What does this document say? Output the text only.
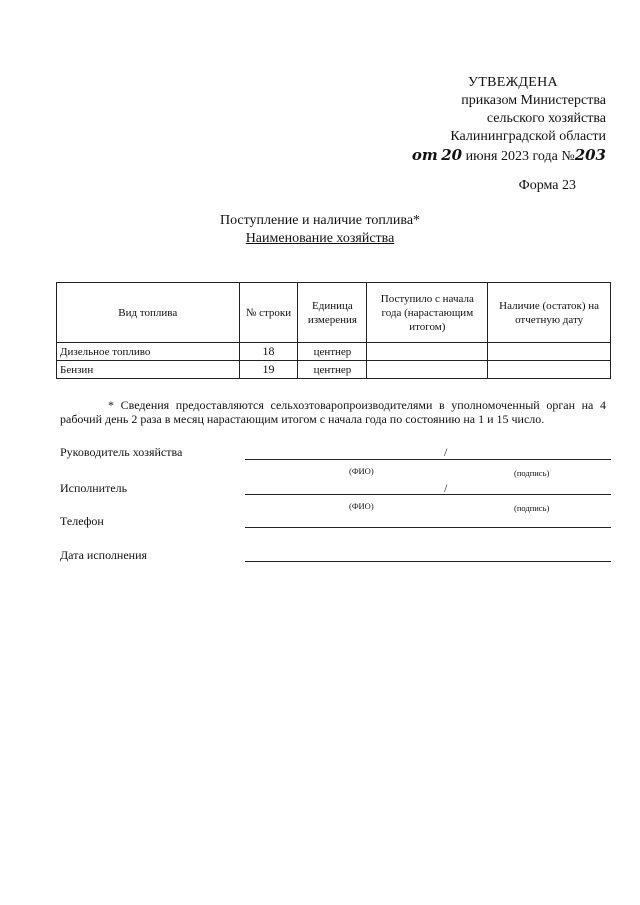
УТВЕЖДЕНА
приказом Министерства
сельского хозяйства
Калининградской области
от 20 июня 2023 года №203
Форма 23
Поступление и наличие топлива*
Наименование хозяйства
Вид топлива	№ строки	Единица измерения	Поступило с начала года (нарастающим итогом)	Наличие (остаток) на отчетную дату
Дизельное топливо	18	центнер		
Бензин	19	центнер		
* Сведения предоставляются сельхозтоваропроизводителями в уполномоченный орган на 4 рабочий день 2 раза в месяц нарастающим итогом с начала года по состоянию на 1 и 15 число.
Руководитель хозяйства	/
(ФИО)	(подпись)
Исполнитель	/
(ФИО)	(подпись)
Телефон
Дата исполнения
